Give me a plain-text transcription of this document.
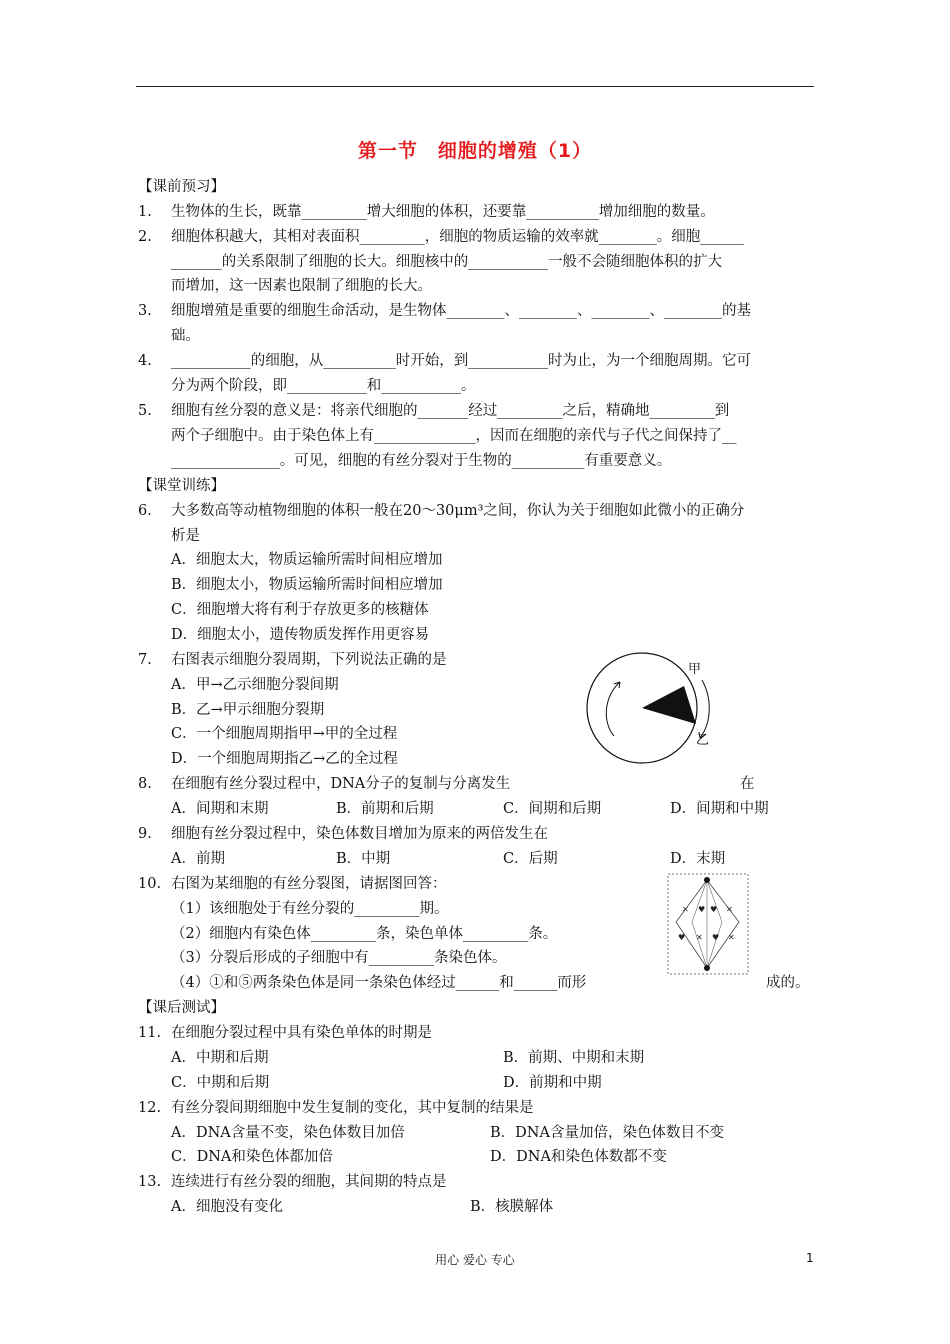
第一节　细胞的增殖（1）
【课前预习】
1. 生物体的生长，既靠_________增大细胞的体积，还要靠__________增加细胞的数量。
2. 细胞体积越大，其相对表面积_________，细胞的物质运输的效率就________。细胞______
_______的关系限制了细胞的长大。细胞核中的___________一般不会随细胞体积的扩大
而增加，这一因素也限制了细胞的长大。
3. 细胞增殖是重要的细胞生命活动，是生物体________、________、________、________的基
础。
4. ___________的细胞，从__________时开始，到___________时为止，为一个细胞周期。它可
分为两个阶段，即___________和___________。
5. 细胞有丝分裂的意义是：将亲代细胞的_______经过_________之后，精确地_________到
两个子细胞中。由于染色体上有______________，因而在细胞的亲代与子代之间保持了__
_______________。可见，细胞的有丝分裂对于生物的__________有重要意义。
【课堂训练】
6. 大多数高等动植物细胞的体积一般在20～30μm³之间，你认为关于细胞如此微小的正确分
析是
A．细胞太大，物质运输所需时间相应增加
B．细胞太小，物质运输所需时间相应增加
C．细胞增大将有利于存放更多的核糖体
D．细胞太小，遗传物质发挥作用更容易
7. 右图表示细胞分裂周期，下列说法正确的是
A．甲→乙示细胞分裂间期
B．乙→甲示细胞分裂期
C．一个细胞周期指甲→甲的全过程
D．一个细胞周期指乙→乙的全过程
甲
乙
8. 在细胞有丝分裂过程中，DNA分子的复制与分离发生	在
A．间期和末期	B．前期和后期	C．间期和后期	D．间期和中期
9. 细胞有丝分裂过程中，染色体数目增加为原来的两倍发生在
A．前期	B．中期	C．后期	D．末期
10. 右图为某细胞的有丝分裂图，请据图回答：
（1）该细胞处于有丝分裂的_________期。
（2）细胞内有染色体_________条，染色单体_________条。
（3）分裂后形成的子细胞中有_________条染色体。
（4）①和⑤两条染色体是同一条染色体经过______和______而形	成的。
✕ ♥ ♥ ✕
♥ ✕ ♥ ✕
【课后测试】
11. 在细胞分裂过程中具有染色单体的时期是
A．中期和后期	B．前期、中期和末期
C．中期和后期	D．前期和中期
12. 有丝分裂间期细胞中发生复制的变化，其中复制的结果是
A．DNA含量不变，染色体数目加倍	B．DNA含量加倍，染色体数目不变
C．DNA和染色体都加倍	D．DNA和染色体数都不变
13. 连续进行有丝分裂的细胞，其间期的特点是
A．细胞没有变化	B．核膜解体
用心 爱心 专心	1
